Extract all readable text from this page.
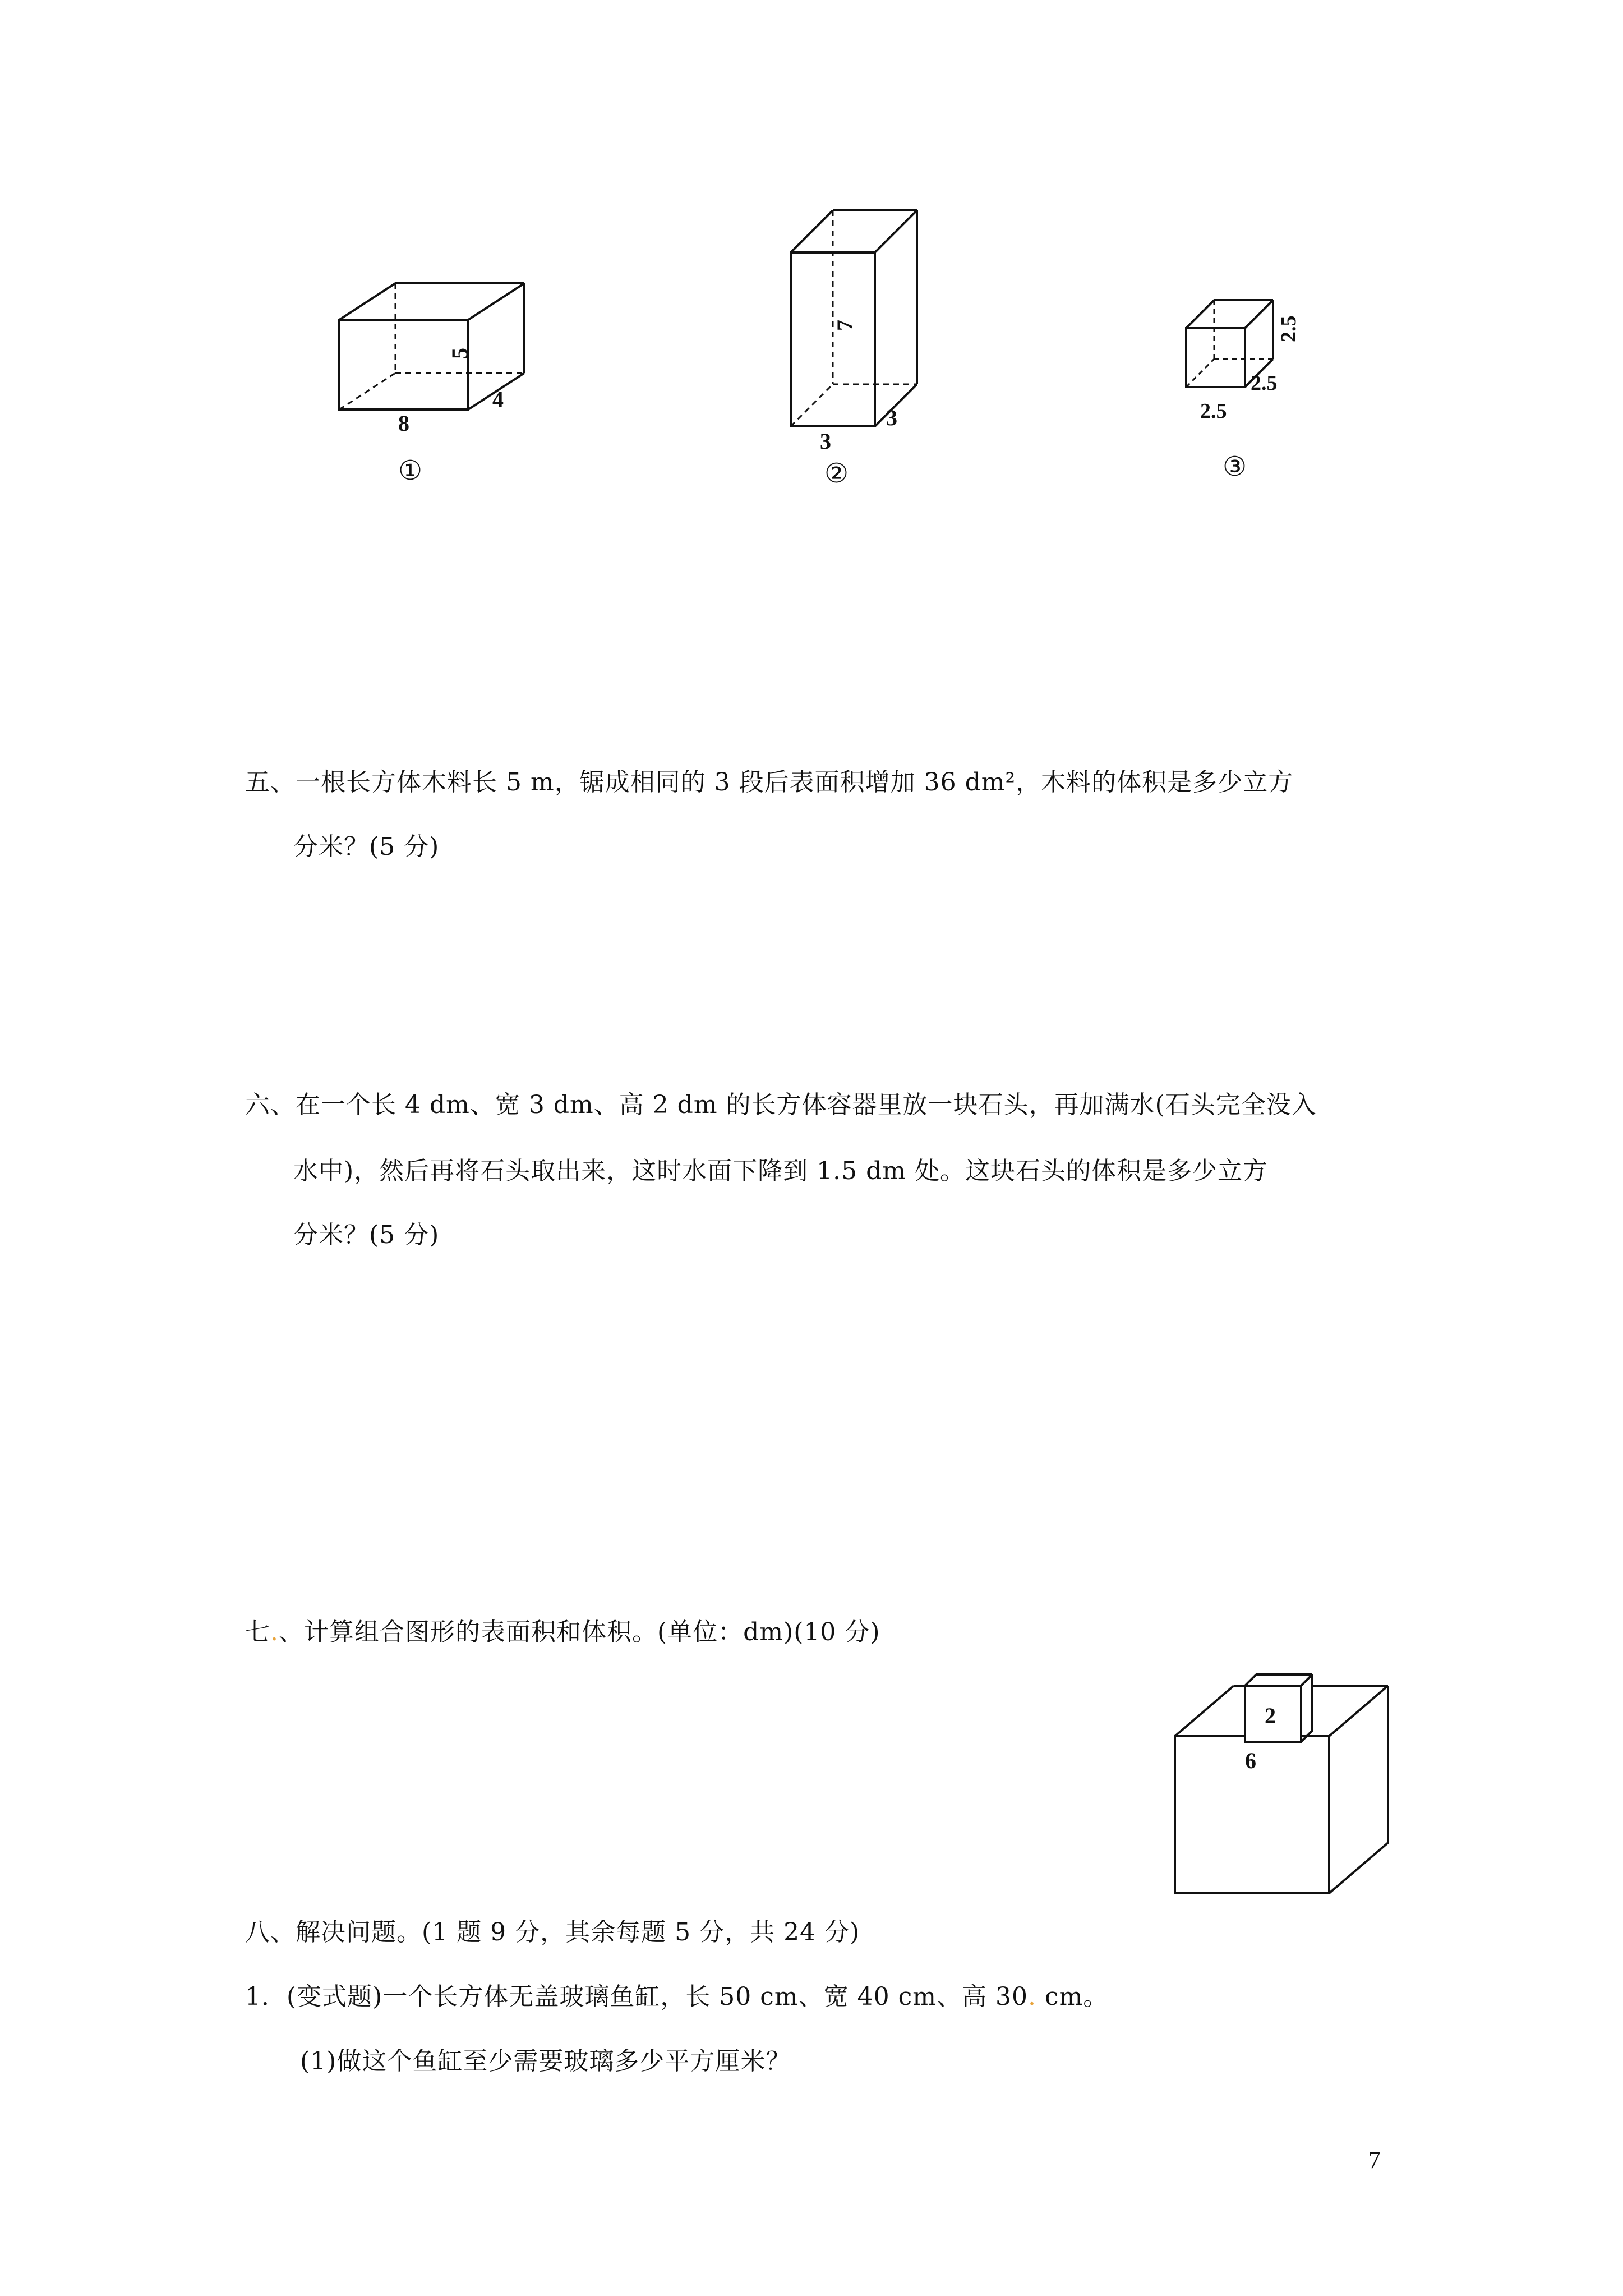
8
4
5
①
7
3
3
②
2.5
2.5
2.5
③
五、一根长方体木料长 5 m，锯成相同的 3 段后表面积增加 36 dm²，木料的体积是多少立方
分米？(5 分)
六、在一个长 4 dm、宽 3 dm、高 2 dm 的长方体容器里放一块石头，再加满水(石头完全没入
水中)，然后再将石头取出来，这时水面下降到 1.5 dm 处。这块石头的体积是多少立方
分米？(5 分)
七.、计算组合图形的表面积和体积。(单位：dm)(10 分)
2
6
八、解决问题。(1 题 9 分，其余每题 5 分，共 24 分)
1．(变式题)一个长方体无盖玻璃鱼缸，长 50 cm、宽 40 cm、高 30. cm。
(1)做这个鱼缸至少需要玻璃多少平方厘米？
7
